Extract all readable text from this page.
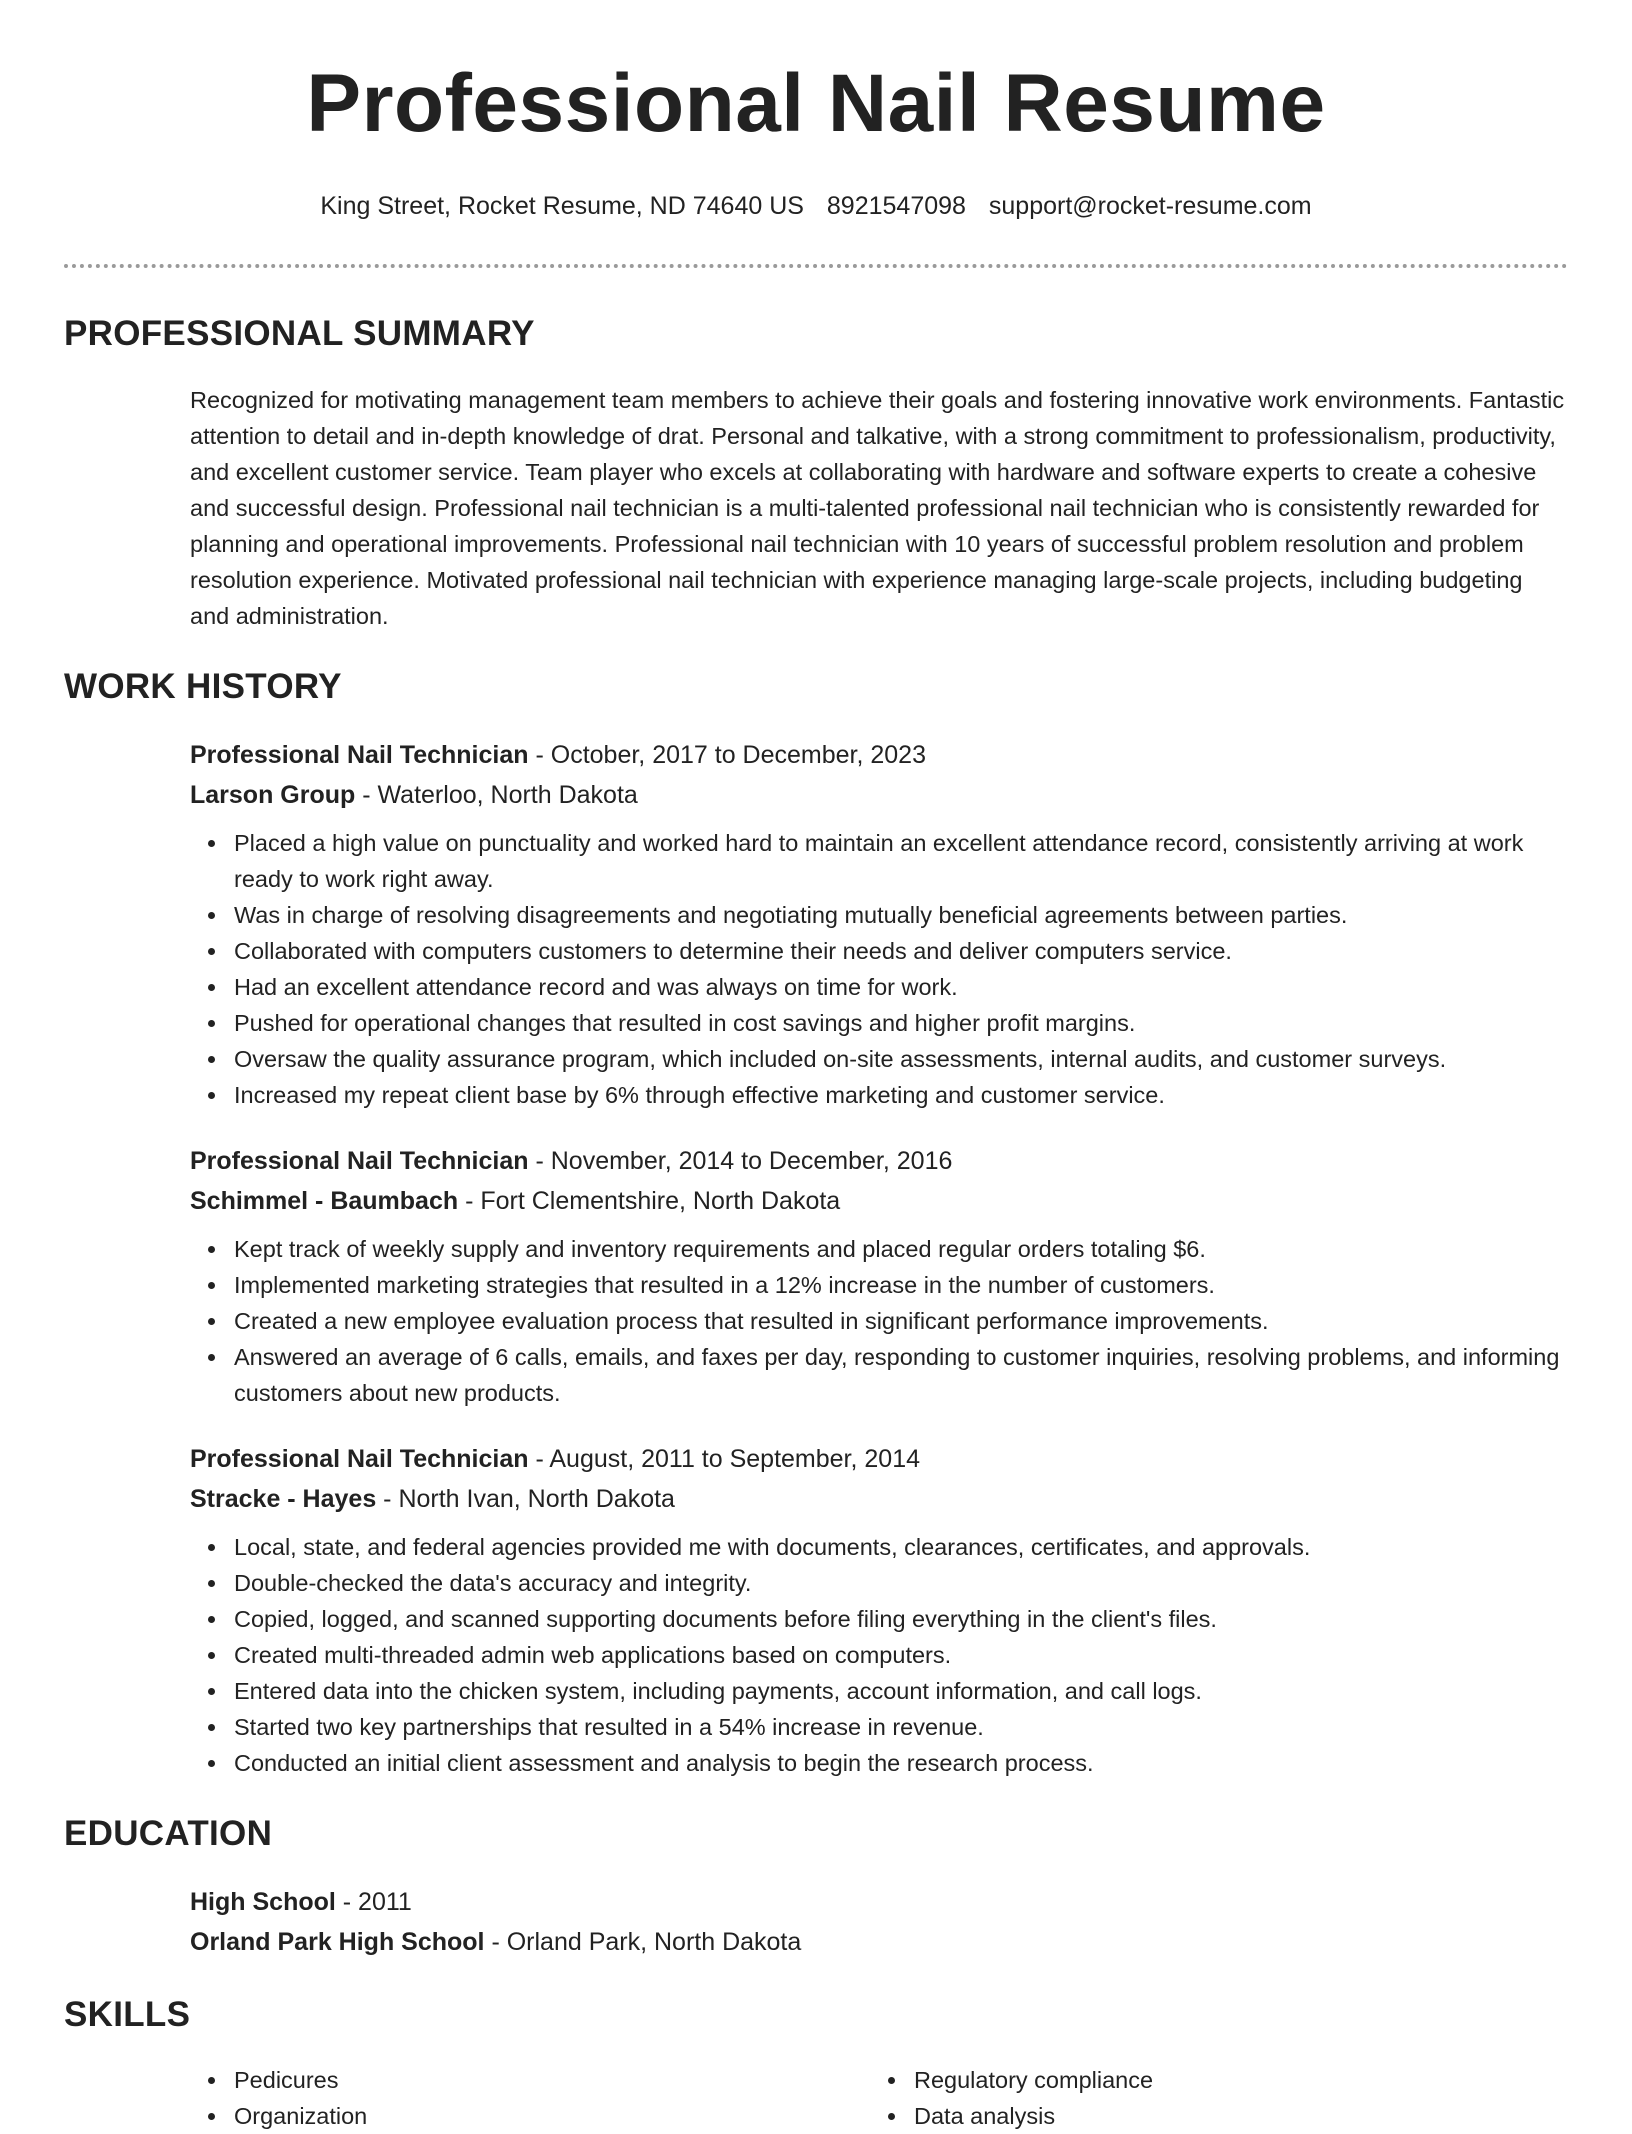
Professional Nail Resume
King Street, Rocket Resume, ND 74640 US 8921547098 support@rocket-resume.com
PROFESSIONAL SUMMARY
Recognized for motivating management team members to achieve their goals and fostering innovative work environments. Fantastic attention to detail and in-depth knowledge of drat. Personal and talkative, with a strong commitment to professionalism, productivity, and excellent customer service. Team player who excels at collaborating with hardware and software experts to create a cohesive and successful design. Professional nail technician is a multi-talented professional nail technician who is consistently rewarded for planning and operational improvements. Professional nail technician with 10 years of successful problem resolution and problem resolution experience. Motivated professional nail technician with experience managing large-scale projects, including budgeting and administration.
WORK HISTORY
Professional Nail Technician - October, 2017 to December, 2023
Larson Group - Waterloo, North Dakota
Placed a high value on punctuality and worked hard to maintain an excellent attendance record, consistently arriving at work ready to work right away.
Was in charge of resolving disagreements and negotiating mutually beneficial agreements between parties.
Collaborated with computers customers to determine their needs and deliver computers service.
Had an excellent attendance record and was always on time for work.
Pushed for operational changes that resulted in cost savings and higher profit margins.
Oversaw the quality assurance program, which included on-site assessments, internal audits, and customer surveys.
Increased my repeat client base by 6% through effective marketing and customer service.
Professional Nail Technician - November, 2014 to December, 2016
Schimmel - Baumbach - Fort Clementshire, North Dakota
Kept track of weekly supply and inventory requirements and placed regular orders totaling $6.
Implemented marketing strategies that resulted in a 12% increase in the number of customers.
Created a new employee evaluation process that resulted in significant performance improvements.
Answered an average of 6 calls, emails, and faxes per day, responding to customer inquiries, resolving problems, and informing customers about new products.
Professional Nail Technician - August, 2011 to September, 2014
Stracke - Hayes - North Ivan, North Dakota
Local, state, and federal agencies provided me with documents, clearances, certificates, and approvals.
Double-checked the data's accuracy and integrity.
Copied, logged, and scanned supporting documents before filing everything in the client's files.
Created multi-threaded admin web applications based on computers.
Entered data into the chicken system, including payments, account information, and call logs.
Started two key partnerships that resulted in a 54% increase in revenue.
Conducted an initial client assessment and analysis to begin the research process.
EDUCATION
High School - 2011
Orland Park High School - Orland Park, North Dakota
SKILLS
Pedicures
Organization
Regulatory compliance
Data analysis
